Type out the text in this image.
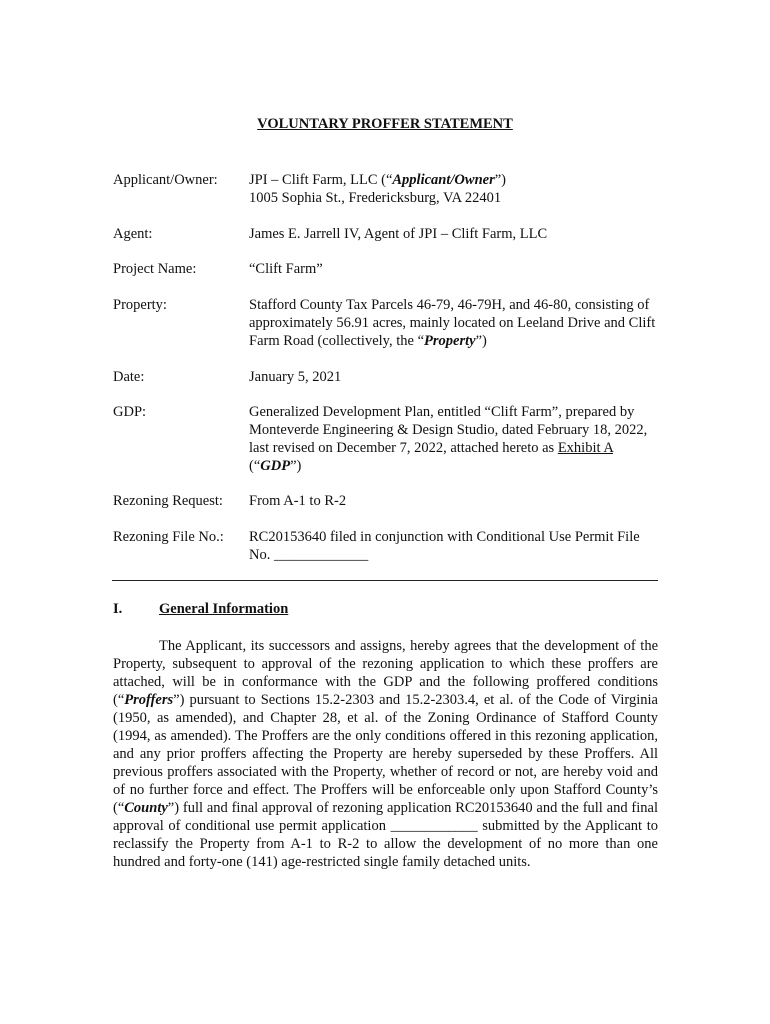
VOLUNTARY PROFFER STATEMENT
Applicant/Owner:	JPI – Clift Farm, LLC (“Applicant/Owner”)
1005 Sophia St., Fredericksburg, VA 22401
Agent:	James E. Jarrell IV, Agent of JPI – Clift Farm, LLC
Project Name:	“Clift Farm”
Property:	Stafford County Tax Parcels 46-79, 46-79H, and 46-80, consisting of approximately 56.91 acres, mainly located on Leeland Drive and Clift Farm Road (collectively, the “Property”)
Date:	January 5, 2021
GDP:	Generalized Development Plan, entitled “Clift Farm”, prepared by Monteverde Engineering & Design Studio, dated February 18, 2022, last revised on December 7, 2022, attached hereto as Exhibit A (“GDP”)
Rezoning Request:	From A-1 to R-2
Rezoning File No.:	RC20153640 filed in conjunction with Conditional Use Permit File No. _____________
I.	General Information
The Applicant, its successors and assigns, hereby agrees that the development of the Property, subsequent to approval of the rezoning application to which these proffers are attached, will be in conformance with the GDP and the following proffered conditions (“Proffers”) pursuant to Sections 15.2-2303 and 15.2-2303.4, et al. of the Code of Virginia (1950, as amended), and Chapter 28, et al. of the Zoning Ordinance of Stafford County (1994, as amended). The Proffers are the only conditions offered in this rezoning application, and any prior proffers affecting the Property are hereby superseded by these Proffers. All previous proffers associated with the Property, whether of record or not, are hereby void and of no further force and effect. The Proffers will be enforceable only upon Stafford County’s (“County”) full and final approval of rezoning application RC20153640 and the full and final approval of conditional use permit application ____________ submitted by the Applicant to reclassify the Property from A-1 to R-2 to allow the development of no more than one hundred and forty-one (141) age-restricted single family detached units.
